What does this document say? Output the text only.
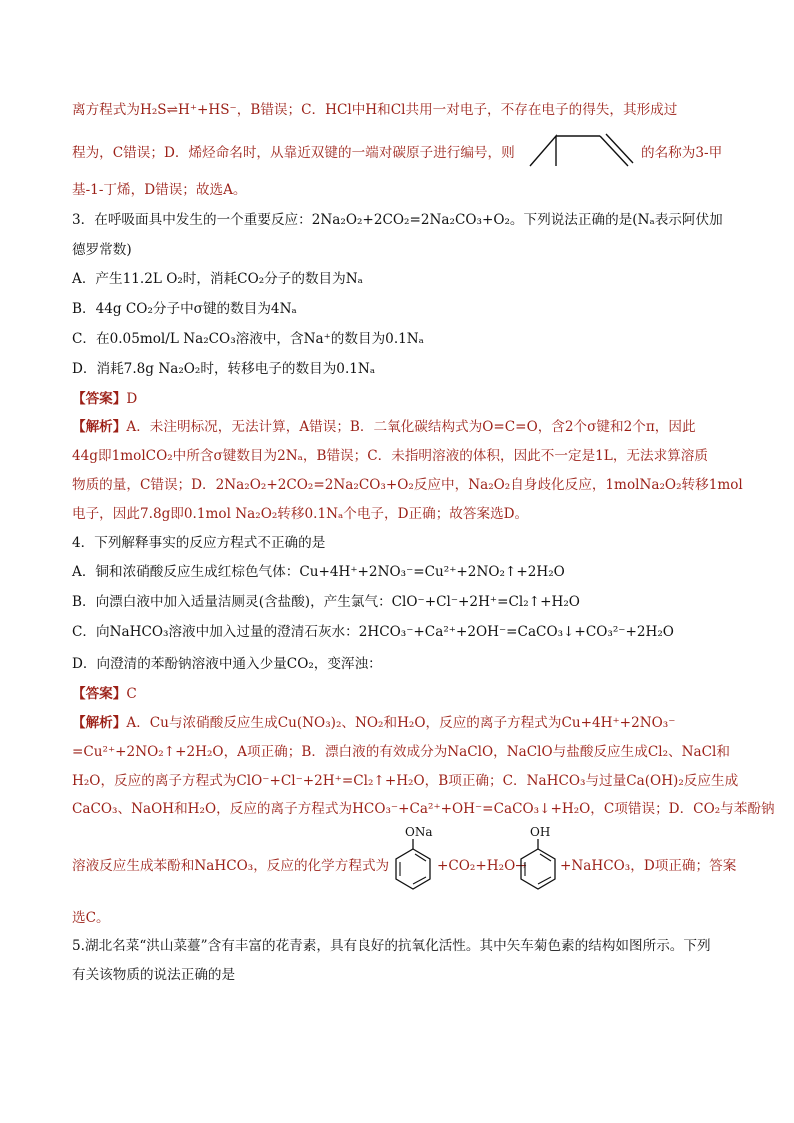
离方程式为H₂S⇌H⁺+HS⁻，B错误；C．HCl中H和Cl共用一对电子，不存在电子的得失，其形成过
程为，C错误；D．烯烃命名时，从靠近双键的一端对碳原子进行编号，则	的名称为3-甲
基-1-丁烯，D错误；故选A。
3．在呼吸面具中发生的一个重要反应：2Na₂O₂+2CO₂=2Na₂CO₃+O₂。下列说法正确的是(Nₐ表示阿伏加
德罗常数)
A．产生11.2L O₂时，消耗CO₂分子的数目为Nₐ
B．44g CO₂分子中σ键的数目为4Nₐ
C．在0.05mol/L Na₂CO₃溶液中，含Na⁺的数目为0.1Nₐ
D．消耗7.8g Na₂O₂时，转移电子的数目为0.1Nₐ
【答案】D
【解析】A．未注明标况，无法计算，A错误；B．二氧化碳结构式为O=C=O，含2个σ键和2个π，因此
44g即1molCO₂中所含σ键数目为2Nₐ，B错误；C．未指明溶液的体积，因此不一定是1L，无法求算溶质
物质的量，C错误；D．2Na₂O₂+2CO₂=2Na₂CO₃+O₂反应中，Na₂O₂自身歧化反应，1molNa₂O₂转移1mol
电子，因此7.8g即0.1mol Na₂O₂转移0.1Nₐ个电子，D正确；故答案选D。
4．下列解释事实的反应方程式不正确的是
A．铜和浓硝酸反应生成红棕色气体：Cu+4H⁺+2NO₃⁻=Cu²⁺+2NO₂↑+2H₂O
B．向漂白液中加入适量洁厕灵(含盐酸)，产生氯气：ClO⁻+Cl⁻+2H⁺=Cl₂↑+H₂O
C．向NaHCO₃溶液中加入过量的澄清石灰水：2HCO₃⁻+Ca²⁺+2OH⁻=CaCO₃↓+CO₃²⁻+2H₂O
D．向澄清的苯酚钠溶液中通入少量CO₂，变浑浊：
【答案】C
【解析】A．Cu与浓硝酸反应生成Cu(NO₃)₂、NO₂和H₂O，反应的离子方程式为Cu+4H⁺+2NO₃⁻
=Cu²⁺+2NO₂↑+2H₂O，A项正确；B．漂白液的有效成分为NaClO，NaClO与盐酸反应生成Cl₂、NaCl和
H₂O，反应的离子方程式为ClO⁻+Cl⁻+2H⁺=Cl₂↑+H₂O，B项正确；C．NaHCO₃与过量Ca(OH)₂反应生成
CaCO₃、NaOH和H₂O，反应的离子方程式为HCO₃⁻+Ca²⁺+OH⁻=CaCO₃↓+H₂O，C项错误；D．CO₂与苯酚钠
溶液反应生成苯酚和NaHCO₃，反应的化学方程式为
ONa
+CO₂+H₂O→
OH
+NaHCO₃，D项正确；答案
选C。
5.湖北名菜“洪山菜薹”含有丰富的花青素，具有良好的抗氧化活性。其中矢车菊色素的结构如图所示。下列
有关该物质的说法正确的是
